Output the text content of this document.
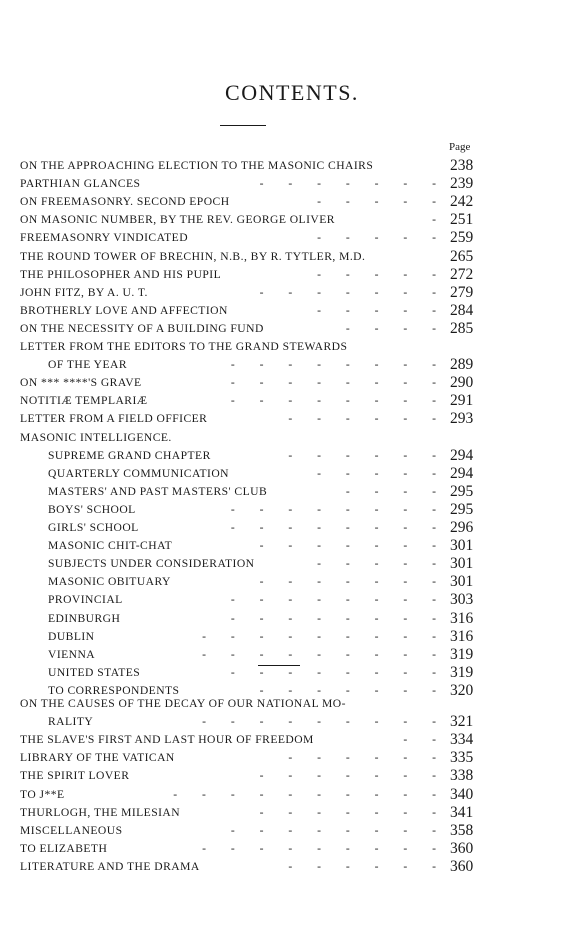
CONTENTS.
Page
ON THE APPROACHING ELECTION TO THE MASONIC CHAIRS	238
PARTHIAN GLANCES	- - - - - - - 239
ON FREEMASONRY. SECOND EPOCH	- - - - - 242
ON MASONIC NUMBER, BY THE REV. GEORGE OLIVER	- 251
FREEMASONRY VINDICATED	- - - - - 259
THE ROUND TOWER OF BRECHIN, N.B., BY R. TYTLER, M.D.	265
THE PHILOSOPHER AND HIS PUPIL	- - - - - 272
JOHN FITZ, BY A. U. T.	- - - - - - - 279
BROTHERLY LOVE AND AFFECTION	- - - - - 284
ON THE NECESSITY OF A BUILDING FUND	- - - - 285
LETTER FROM THE EDITORS TO THE GRAND STEWARDS
OF THE YEAR	- - - - - - - - 289
ON *** ****'S GRAVE	- - - - - - - - 290
NOTITIÆ TEMPLARIÆ	- - - - - - - - 291
LETTER FROM A FIELD OFFICER	- - - - - - 293
MASONIC INTELLIGENCE.
SUPREME GRAND CHAPTER	- - - - - - 294
QUARTERLY COMMUNICATION	- - - - - 294
MASTERS' AND PAST MASTERS' CLUB	- - - - 295
BOYS' SCHOOL	- - - - - - - - 295
GIRLS' SCHOOL	- - - - - - - - 296
MASONIC CHIT-CHAT	- - - - - - - 301
SUBJECTS UNDER CONSIDERATION	- - - - - 301
MASONIC OBITUARY	- - - - - - - 301
PROVINCIAL	- - - - - - - - 303
EDINBURGH	- - - - - - - - 316
DUBLIN	- - - - - - - - - 316
VIENNA	- - - - - - - - - 319
UNITED STATES	- - - - - - - - 319
TO CORRESPONDENTS	- - - - - - - 320
ON THE CAUSES OF THE DECAY OF OUR NATIONAL MO-
RALITY	- - - - - - - - - 321
THE SLAVE'S FIRST AND LAST HOUR OF FREEDOM	- - 334
LIBRARY OF THE VATICAN	- - - - - - 335
THE SPIRIT LOVER	- - - - - - - 338
TO J**E	- - - - - - - - - - 340
THURLOGH, THE MILESIAN	- - - - - - - 341
MISCELLANEOUS	- - - - - - - - 358
TO ELIZABETH	- - - - - - - - - 360
LITERATURE AND THE DRAMA	- - - - - - 360
